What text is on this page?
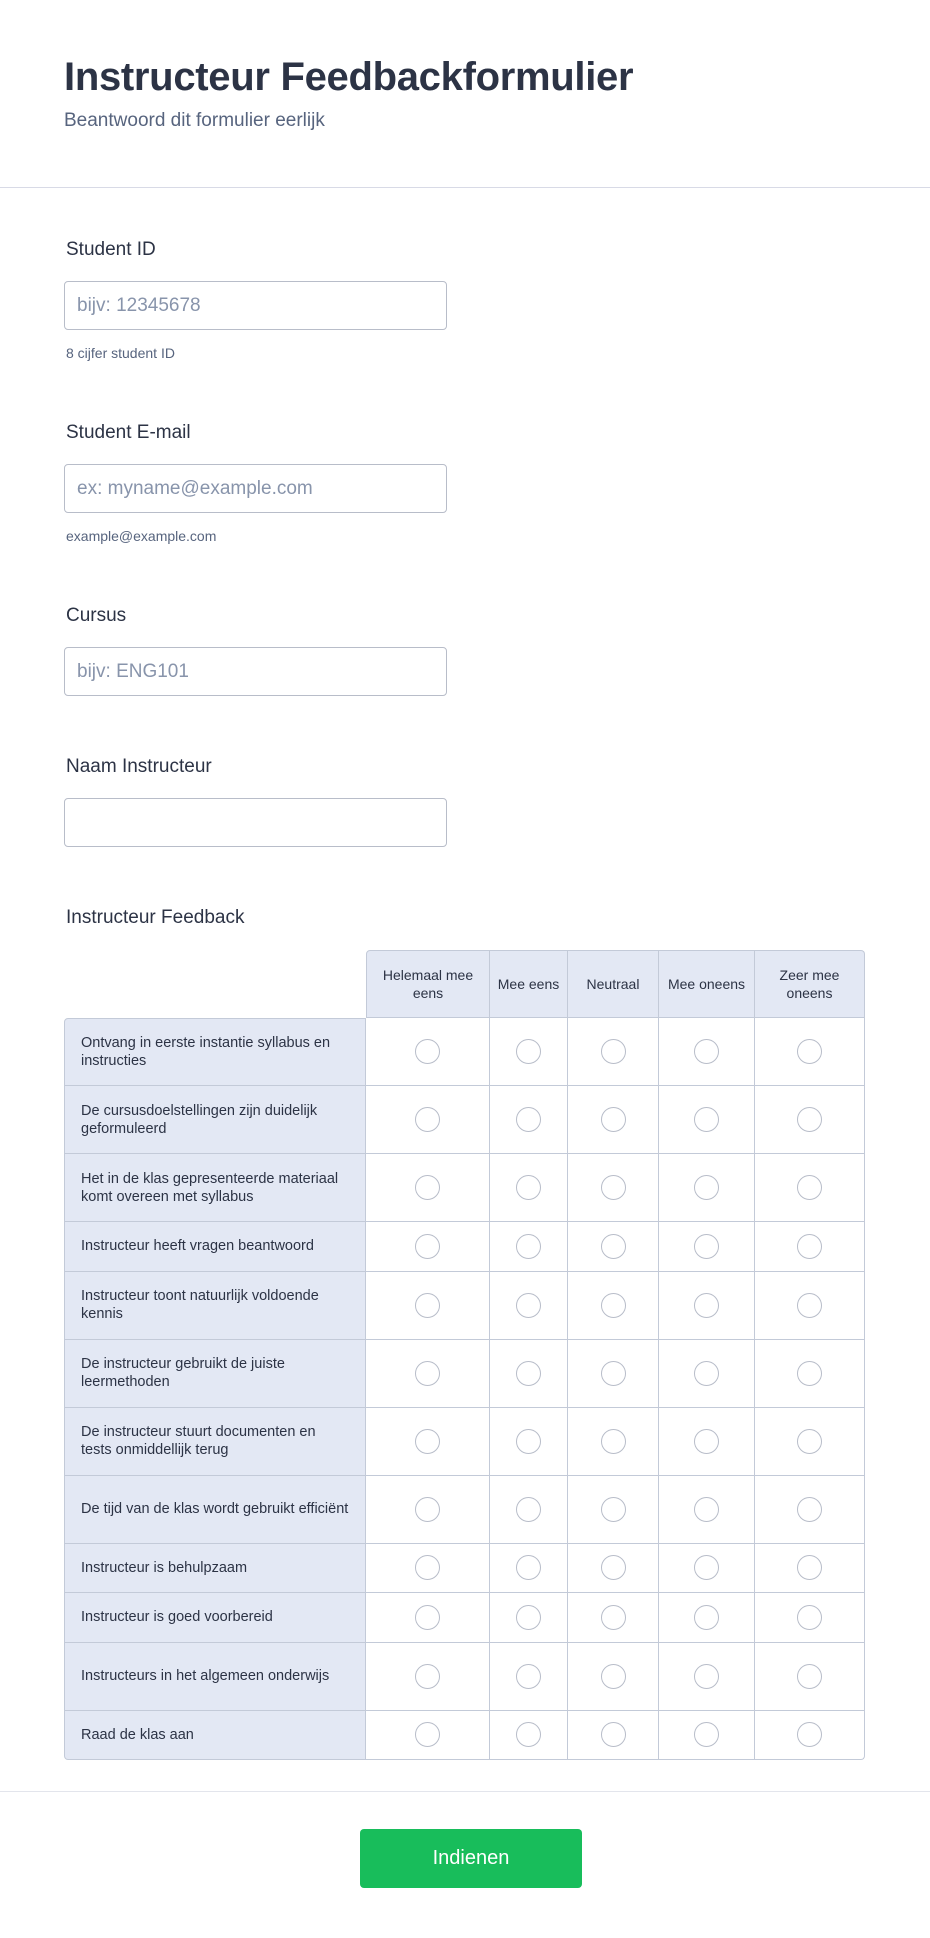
Instructeur Feedbackformulier
Beantwoord dit formulier eerlijk
Student ID
bijv: 12345678
8 cijfer student ID
Student E-mail
ex: myname@example.com
example@example.com
Cursus
bijv: ENG101
Naam Instructeur
Instructeur Feedback
	Helemaal mee eens	Mee eens	Neutraal	Mee oneens	Zeer mee oneens
Ontvang in eerste instantie syllabus en instructies					
De cursusdoelstellingen zijn duidelijk geformuleerd					
Het in de klas gepresenteerde materiaal komt overeen met syllabus					
Instructeur heeft vragen beantwoord					
Instructeur toont natuurlijk voldoende kennis					
De instructeur gebruikt de juiste leermethoden					
De instructeur stuurt documenten en tests onmiddellijk terug					
De tijd van de klas wordt gebruikt efficiënt					
Instructeur is behulpzaam					
Instructeur is goed voorbereid					
Instructeurs in het algemeen onderwijs					
Raad de klas aan					
Indienen
